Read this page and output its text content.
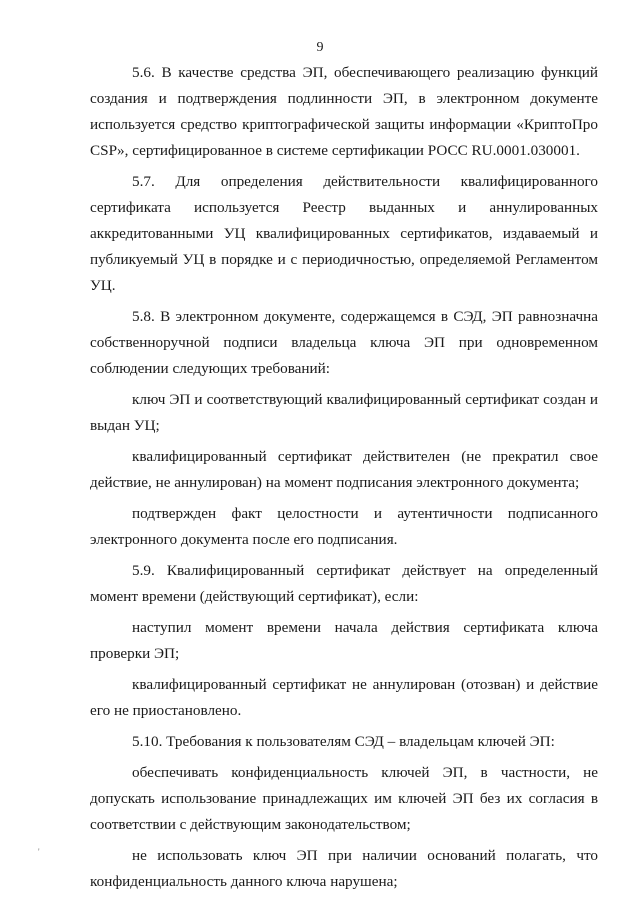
9

5.6. В качестве средства ЭП, обеспечивающего реализацию функций создания и подтверждения подлинности ЭП, в электронном документе используется средство криптографической защиты информации «КриптоПро CSP», сертифицированное в системе сертификации РОСС RU.0001.030001.

5.7. Для определения действительности квалифицированного сертификата используется Реестр выданных и аннулированных аккредитованными УЦ квалифицированных сертификатов, издаваемый и публикуемый УЦ в порядке и с периодичностью, определяемой Регламентом УЦ.

5.8. В электронном документе, содержащемся в СЭД, ЭП равнозначна собственноручной подписи владельца ключа ЭП при одновременном соблюдении следующих требований:

ключ ЭП и соответствующий квалифицированный сертификат создан и выдан УЦ;

квалифицированный сертификат действителен (не прекратил свое действие, не аннулирован) на момент подписания электронного документа;

подтвержден факт целостности и аутентичности подписанного электронного документа после его подписания.

5.9. Квалифицированный сертификат действует на определенный момент времени (действующий сертификат), если:

наступил момент времени начала действия сертификата ключа проверки ЭП;

квалифицированный сертификат не аннулирован (отозван) и действие его не приостановлено.

5.10. Требования к пользователям СЭД – владельцам ключей ЭП:

обеспечивать конфиденциальность ключей ЭП, в частности, не допускать использование принадлежащих им ключей ЭП без их согласия в соответствии с действующим законодательством;

не использовать ключ ЭП при наличии оснований полагать, что конфиденциальность данного ключа нарушена;

'
